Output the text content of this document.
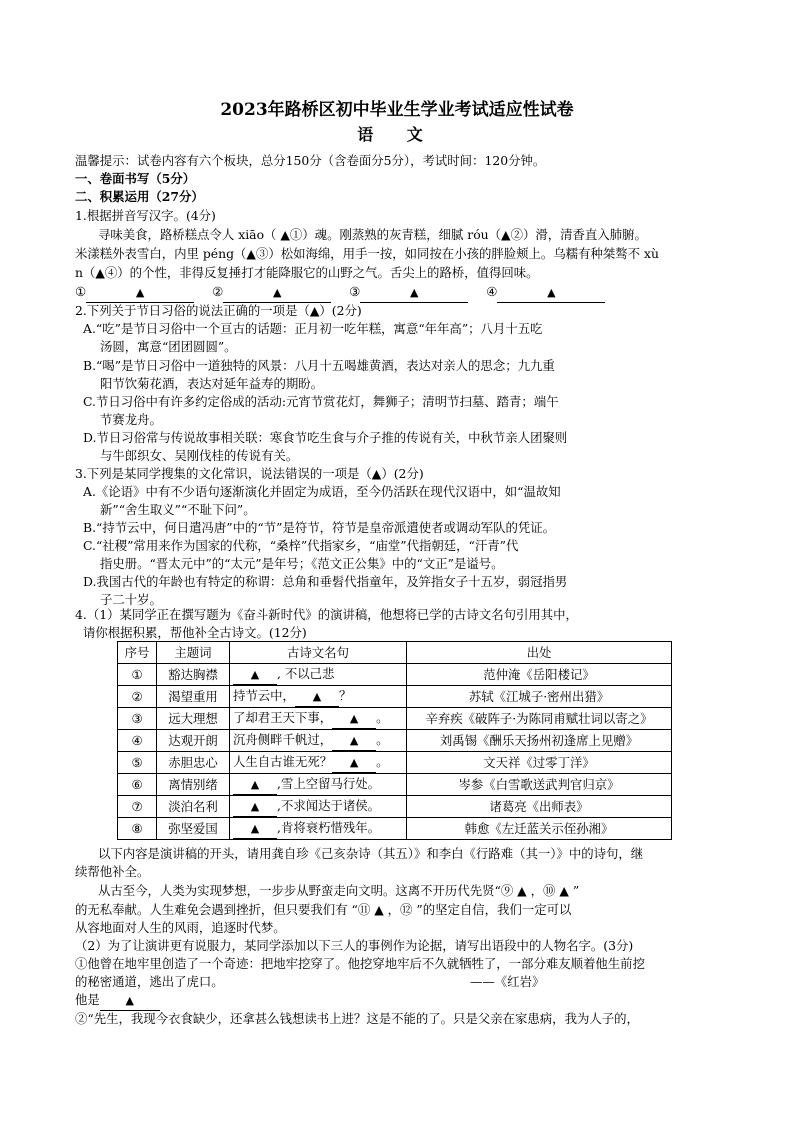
2023年路桥区初中毕业生学业考试适应性试卷
语 文
温馨提示：试卷内容有六个板块，总分150分（含卷面分5分），考试时间：120分钟。
一、卷面书写（5分）
二、积累运用（27分）
1.根据拼音写汉字。(4分)
寻味美食，路桥糕点令人 xiāo（ ▲①）魂。刚蒸熟的灰青糕，细腻 róu（▲②）滑，清香直入肺腑。
米漾糕外表雪白，内里 péng（▲③）松如海绵，用手一按，如同按在小孩的胖脸颊上。乌糯有种桀骜不 xù
n（▲④）的个性，非得反复捶打才能降服它的山野之气。舌尖上的路桥，值得回味。
①	▲	②	▲	③	▲	④	▲
2.下列关于节日习俗的说法正确的一项是（▲）(2分)
A.“吃”是节日习俗中一个亘古的话题：正月初一吃年糕，寓意“年年高”；八月十五吃
汤圆，寓意“团团圆圆”。
B.“喝”是节日习俗中一道独特的风景：八月十五喝雄黄酒，表达对亲人的思念；九九重
阳节饮菊花酒，表达对延年益寿的期盼。
C.节日习俗中有许多约定俗成的活动:元宵节赏花灯，舞狮子；清明节扫墓、踏青；端午
节赛龙舟。
D.节日习俗常与传说故事相关联：寒食节吃生食与介子推的传说有关，中秋节亲人团聚则
与牛郎织女、吴刚伐桂的传说有关。
3.下列是某同学搜集的文化常识，说法错误的一项是（▲）(2分)
A.《论语》中有不少语句逐渐演化并固定为成语，至今仍活跃在现代汉语中，如“温故知
新”“舍生取义”“不耻下问”。
B.“持节云中，何日遣冯唐”中的“节”是符节，符节是皇帝派遣使者或调动军队的凭证。
C.“社稷”常用来作为国家的代称，“桑梓”代指家乡，“庙堂”代指朝廷，“汗青”代
指史册。“晋太元中”的“太元”是年号；《范文正公集》中的“文正”是谥号。
D.我国古代的年龄也有特定的称谓：总角和垂髫代指童年，及笄指女子十五岁，弱冠指男
子二十岁。
4.（1）某同学正在撰写题为《奋斗新时代》的演讲稿，他想将已学的古诗文名句引用其中，
请你根据积累，帮他补全古诗文。(12分)
序号	主题词	古诗文名句	出处
①	豁达胸襟	▲ , 不以己悲	范仲淹《岳阳楼记》
②	渴望重用	持节云中， ▲ ？	苏轼《江城子·密州出猎》
③	远大理想	了却君王天下事， ▲ 。	辛弃疾《破阵子·为陈同甫赋壮词以寄之》
④	达观开朗	沉舟侧畔千帆过， ▲ 。	刘禹锡《酬乐天扬州初逢席上见赠》
⑤	赤胆忠心	人生自古谁无死？ ▲ 。	文天祥《过零丁洋》
⑥	离情别绪	▲ ,雪上空留马行处。	岑参《白雪歌送武判官归京》
⑦	淡泊名利	▲ ,不求闻达于诸侯。	诸葛亮《出师表》
⑧	弥坚爱国	▲ ,肯将衰朽惜残年。	韩愈《左迁蓝关示侄孙湘》
以下内容是演讲稿的开头，请用龚自珍《己亥杂诗（其五）》和李白《行路难（其一）》中的诗句，继
续帮他补全。
从古至今，人类为实现梦想，一步步从野蛮走向文明。这离不开历代先贤“⑨ ▲ ，⑩ ▲ ”
的无私奉献。人生难免会遇到挫折，但只要我们有 “⑪ ▲ ，⑫ ”的坚定自信，我们一定可以
从容地面对人生的风雨，追逐时代梦。
（2）为了让演讲更有说服力，某同学添加以下三人的事例作为论据，请写出语段中的人物名字。(3分)
①他曾在地牢里创造了一个奇迹：把地牢挖穿了。他挖穿地牢后不久就牺牲了，一部分难友顺着他生前挖
的秘密通道，逃出了虎口。	——《红岩》
他是 ▲
②“先生，我现今衣食缺少，还拿甚么钱想读书上进？这是不能的了。只是父亲在家患病，我为人子的，
